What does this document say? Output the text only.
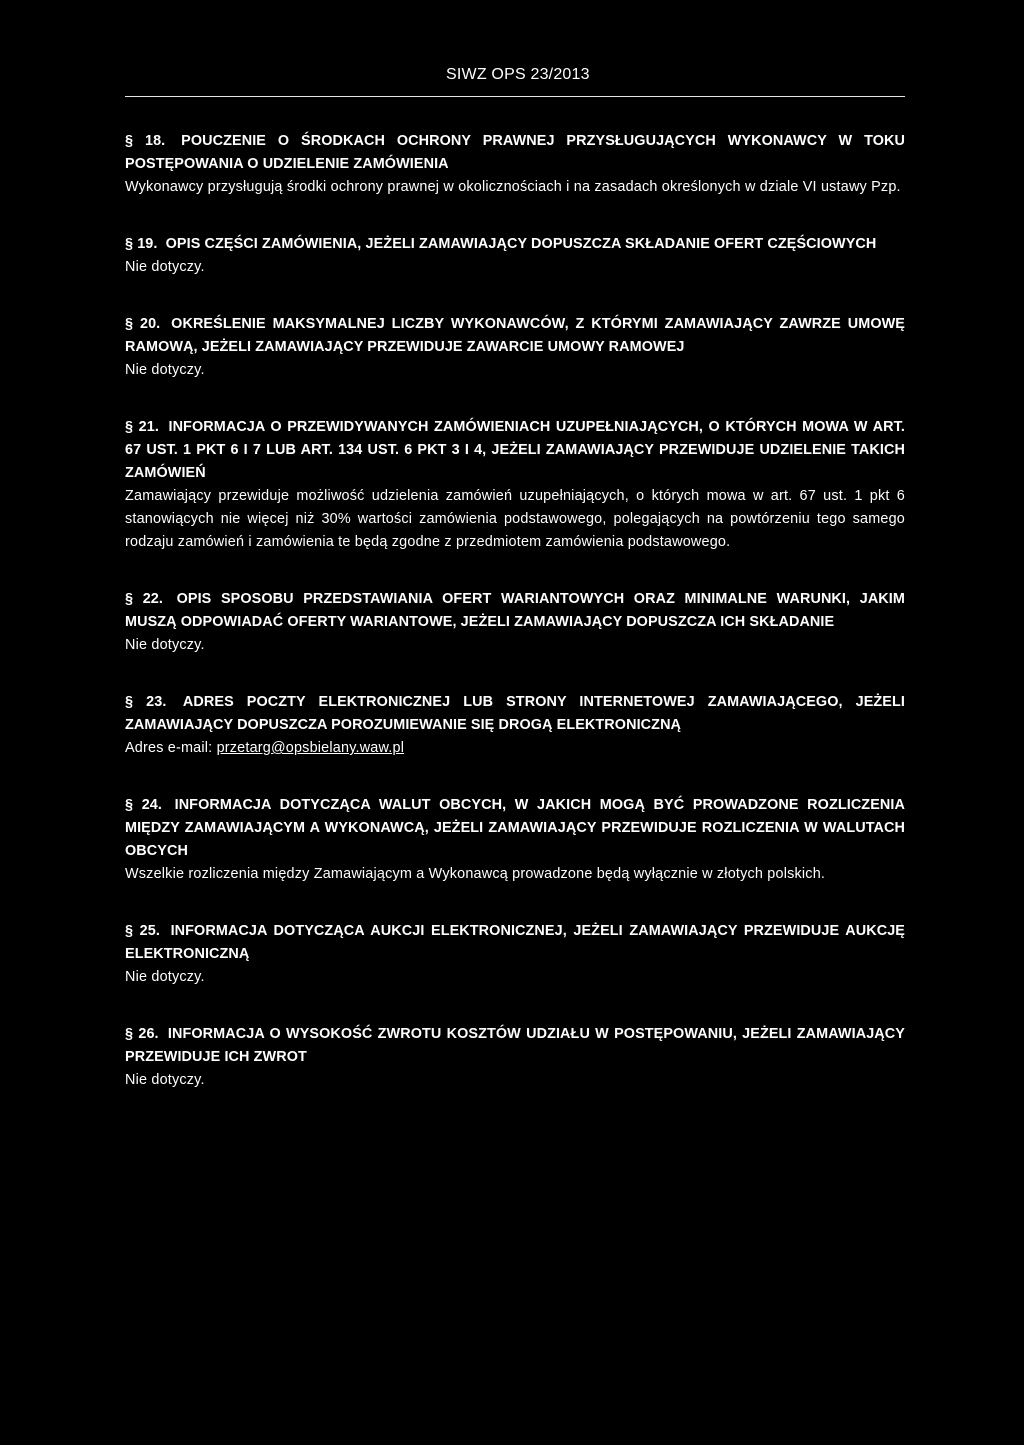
SIWZ OPS 23/2013
§ 18. POUCZENIE O ŚRODKACH OCHRONY PRAWNEJ PRZYSŁUGUJĄCYCH WYKONAWCY W TOKU POSTĘPOWANIA O UDZIELENIE ZAMÓWIENIA
Wykonawcy przysługują środki ochrony prawnej w okolicznościach i na zasadach określonych w dziale VI ustawy Pzp.
§ 19. OPIS CZĘŚCI ZAMÓWIENIA, JEŻELI ZAMAWIAJĄCY DOPUSZCZA SKŁADANIE OFERT CZĘŚCIOWYCH
Nie dotyczy.
§ 20. OKREŚLENIE MAKSYMALNEJ LICZBY WYKONAWCÓW, Z KTÓRYMI ZAMAWIAJĄCY ZAWRZE UMOWĘ RAMOWĄ, JEŻELI ZAMAWIAJĄCY PRZEWIDUJE ZAWARCIE UMOWY RAMOWEJ
Nie dotyczy.
§ 21. INFORMACJA O PRZEWIDYWANYCH ZAMÓWIENIACH UZUPEŁNIAJĄCYCH, O KTÓRYCH MOWA W ART. 67 UST. 1 PKT 6 I 7 LUB ART. 134 UST. 6 PKT 3 I 4, JEŻELI ZAMAWIAJĄCY PRZEWIDUJE UDZIELENIE TAKICH ZAMÓWIEŃ
Zamawiający przewiduje możliwość udzielenia zamówień uzupełniających, o których mowa w art. 67 ust. 1 pkt 6 stanowiących nie więcej niż 30% wartości zamówienia podstawowego, polegających na powtórzeniu tego samego rodzaju zamówień i zamówienia te będą zgodne z przedmiotem zamówienia podstawowego.
§ 22. OPIS SPOSOBU PRZEDSTAWIANIA OFERT WARIANTOWYCH ORAZ MINIMALNE WARUNKI, JAKIM MUSZĄ ODPOWIADAĆ OFERTY WARIANTOWE, JEŻELI ZAMAWIAJĄCY DOPUSZCZA ICH SKŁADANIE
Nie dotyczy.
§ 23. ADRES POCZTY ELEKTRONICZNEJ LUB STRONY INTERNETOWEJ ZAMAWIAJĄCEGO, JEŻELI ZAMAWIAJĄCY DOPUSZCZA POROZUMIEWANIE SIĘ DROGĄ ELEKTRONICZNĄ
Adres e-mail: przetarg@opsbielany.waw.pl
§ 24. INFORMACJA DOTYCZĄCA WALUT OBCYCH, W JAKICH MOGĄ BYĆ PROWADZONE ROZLICZENIA MIĘDZY ZAMAWIAJĄCYM A WYKONAWCĄ, JEŻELI ZAMAWIAJĄCY PRZEWIDUJE ROZLICZENIA W WALUTACH OBCYCH
Wszelkie rozliczenia między Zamawiającym a Wykonawcą prowadzone będą wyłącznie w złotych polskich.
§ 25. INFORMACJA DOTYCZĄCA AUKCJI ELEKTRONICZNEJ, JEŻELI ZAMAWIAJĄCY PRZEWIDUJE AUKCJĘ ELEKTRONICZNĄ
Nie dotyczy.
§ 26. INFORMACJA O WYSOKOŚĆ ZWROTU KOSZTÓW UDZIAŁU W POSTĘPOWANIU, JEŻELI ZAMAWIAJĄCY PRZEWIDUJE ICH ZWROT
Nie dotyczy.
